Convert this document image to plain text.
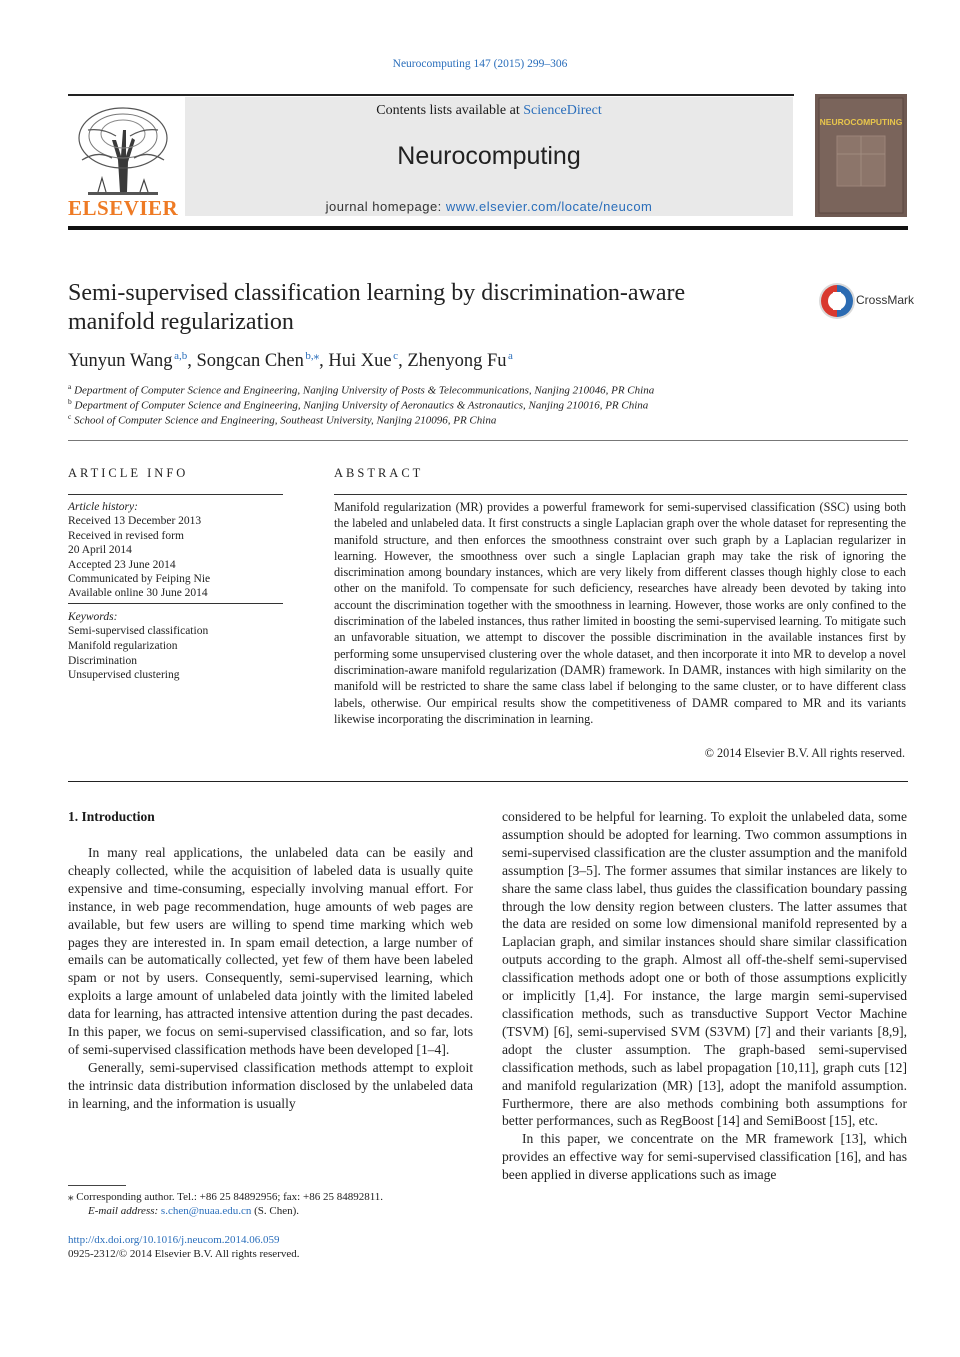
Neurocomputing 147 (2015) 299–306
ELSEVIER
Contents lists available at ScienceDirect
Neurocomputing
journal homepage: www.elsevier.com/locate/neucom
NEUROCOMPUTING
Semi-supervised classification learning by discrimination-aware
manifold regularization
CrossMark
Yunyun Wang  $^{a,b}$, Songcan Chen  $^{b,⁎}$, Hui Xue  $^c$, Zhenyong Fu  $^a$
$^a$ Department of Computer Science and Engineering, Nanjing University of Posts & Telecommunications, Nanjing 210046, PR China
$^b$ Department of Computer Science and Engineering, Nanjing University of Aeronautics & Astronautics, Nanjing 210016, PR China
$^c$ School of Computer Science and Engineering, Southeast University, Nanjing 210096, PR China
ARTICLE INFO
Article history:
Received 13 December 2013
Received in revised form
20 April 2014
Accepted 23 June 2014
Communicated by Feiping Nie
Available online 30 June 2014
Keywords:
Semi-supervised classification
Manifold regularization
Discrimination
Unsupervised clustering
ABSTRACT
Manifold regularization (MR) provides a powerful framework for semi-supervised classification (SSC) using both the labeled and unlabeled data. It first constructs a single Laplacian graph over the whole dataset for representing the manifold structure, and then enforces the smoothness constraint over such graph by a Laplacian regularizer in learning. However, the smoothness over such a single Laplacian graph may take the risk of ignoring the discrimination among boundary instances, which are very likely from different classes though highly close to each other on the manifold. To compensate for such deficiency, researches have already been devoted by taking into account the discrimination together with the smoothness in learning. However, those works are only confined to the discrimination of the labeled instances, thus rather limited in boosting the semi-supervised learning. To mitigate such an unfavorable situation, we attempt to discover the possible discrimination in the available instances first by performing some unsupervised clustering over the whole dataset, and then incorporate it into MR to develop a novel discrimination-aware manifold regularization (DAMR) framework. In DAMR, instances with high similarity on the manifold will be restricted to share the same class label if belonging to the same cluster, or to have different class labels, otherwise. Our empirical results show the competitiveness of DAMR compared to MR and its variants likewise incorporating the discrimination in learning.
© 2014 Elsevier B.V. All rights reserved.
1. Introduction

In many real applications, the unlabeled data can be easily and cheaply collected, while the acquisition of labeled data is usually quite expensive and time-consuming, especially involving manual effort. For instance, in web page recommendation, huge amounts of web pages are available, but few users are willing to spend time marking which web pages they are interested in. In spam email detection, a large number of emails can be automatically collected, yet few of them have been labeled spam or not by users. Consequently, semi-supervised learning, which exploits a large amount of unlabeled data jointly with the limited labeled data for learning, has attracted intensive attention during the past decades. In this paper, we focus on semi-supervised classification, and so far, lots of semi-supervised classification methods have been developed [1–4].

Generally, semi-supervised classification methods attempt to exploit the intrinsic data distribution information disclosed by the unlabeled data in learning, and the information is usually

considered to be helpful for learning. To exploit the unlabeled data, some assumption should be adopted for learning. Two common assumptions in semi-supervised classification are the cluster assumption and the manifold assumption [3–5]. The former assumes that similar instances are likely to share the same class label, thus guides the classification boundary passing through the low density region between clusters. The latter assumes that the data are resided on some low dimensional manifold represented by a Laplacian graph, and similar instances should share similar classification outputs according to the graph. Almost all off-the-shelf semi-supervised classification methods adopt one or both of those assumptions explicitly or implicitly [1,4]. For instance, the large margin semi-supervised classification methods, such as transductive Support Vector Machine (TSVM) [6], semi-supervised SVM (S3VM) [7] and their variants [8,9], adopt the cluster assumption. The graph-based semi-supervised classification methods, such as label propagation [10,11], graph cuts [12] and manifold regularization (MR) [13], adopt the manifold assumption. Furthermore, there are also methods combining both assumptions for better performances, such as RegBoost [14] and SemiBoost [15], etc.

In this paper, we concentrate on the MR framework [13], which provides an effective way for semi-supervised classification [16], and has been applied in diverse applications such as image

⁎ Corresponding author. Tel.: +86 25 84892956; fax: +86 25 84892811.
E-mail address: s.chen@nuaa.edu.cn (S. Chen).
http://dx.doi.org/10.1016/j.neucom.2014.06.059
0925-2312/© 2014 Elsevier B.V. All rights reserved.
